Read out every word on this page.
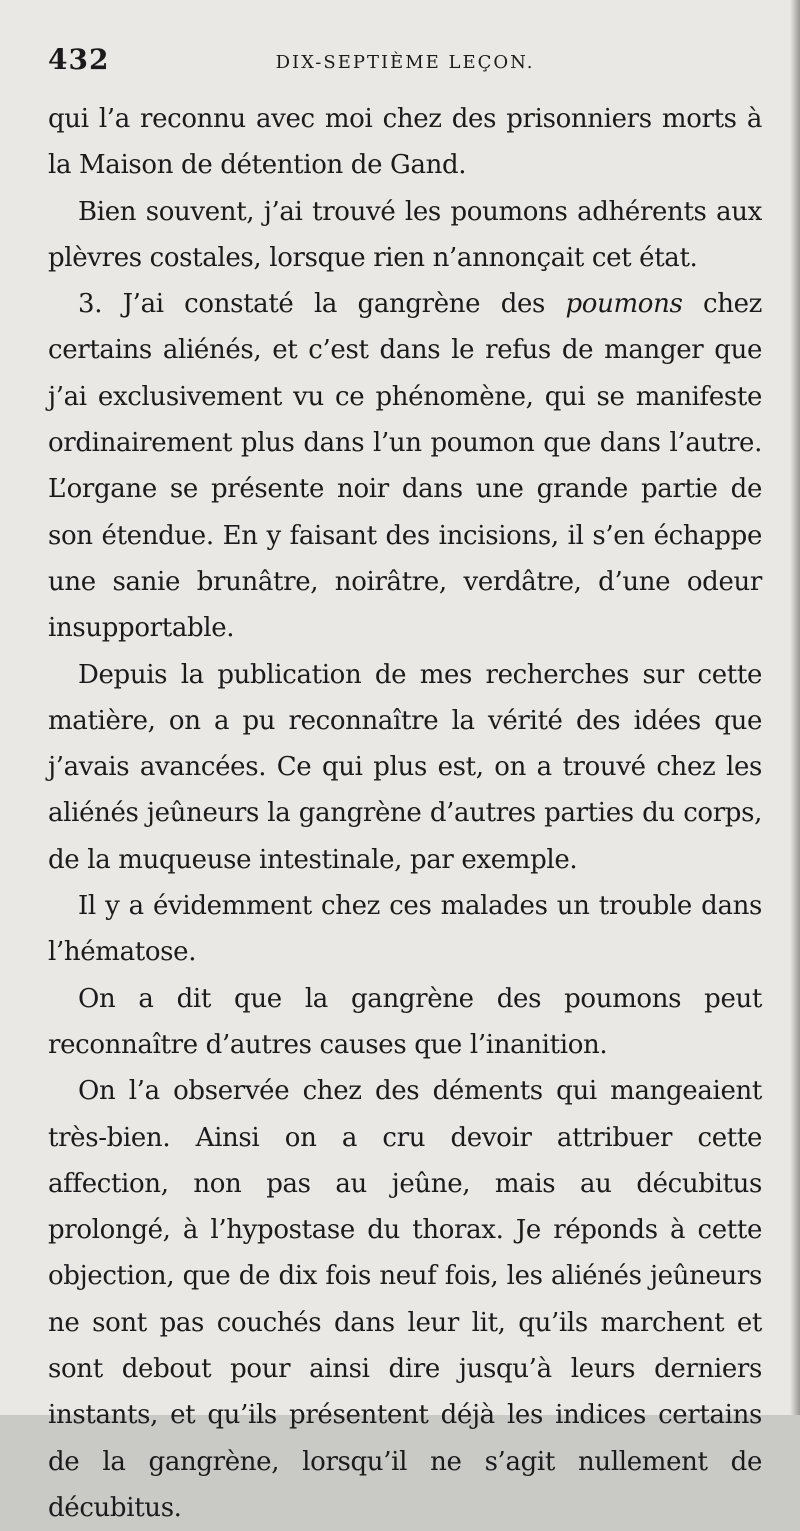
432	DIX-SEPTIÈME LEÇON.

qui l’a reconnu avec moi chez des prisonniers morts à la Maison de détention de Gand.

Bien souvent, j’ai trouvé les poumons adhérents aux plèvres costales, lorsque rien n’annonçait cet état.

3. J’ai constaté la gangrène des poumons chez certains aliénés, et c’est dans le refus de manger que j’ai exclusivement vu ce phénomène, qui se manifeste ordinairement plus dans l’un poumon que dans l’autre. L’organe se présente noir dans une grande partie de son étendue. En y faisant des incisions, il s’en échappe une sanie brunâtre, noirâtre, verdâtre, d’une odeur insupportable.

Depuis la publication de mes recherches sur cette matière, on a pu reconnaître la vérité des idées que j’avais avancées. Ce qui plus est, on a trouvé chez les aliénés jeûneurs la gangrène d’autres parties du corps, de la muqueuse intestinale, par exemple.

Il y a évidemment chez ces malades un trouble dans l’hématose.

On a dit que la gangrène des poumons peut reconnaître d’autres causes que l’inanition.

On l’a observée chez des déments qui mangeaient très-bien. Ainsi on a cru devoir attribuer cette affection, non pas au jeûne, mais au décubitus prolongé, à l’hypostase du thorax. Je réponds à cette objection, que de dix fois neuf fois, les aliénés jeûneurs ne sont pas couchés dans leur lit, qu’ils marchent et sont debout pour ainsi dire jusqu’à leurs derniers instants, et qu’ils présentent déjà les indices certains de la gangrène, lorsqu’il ne s’agit nullement de décubitus.
